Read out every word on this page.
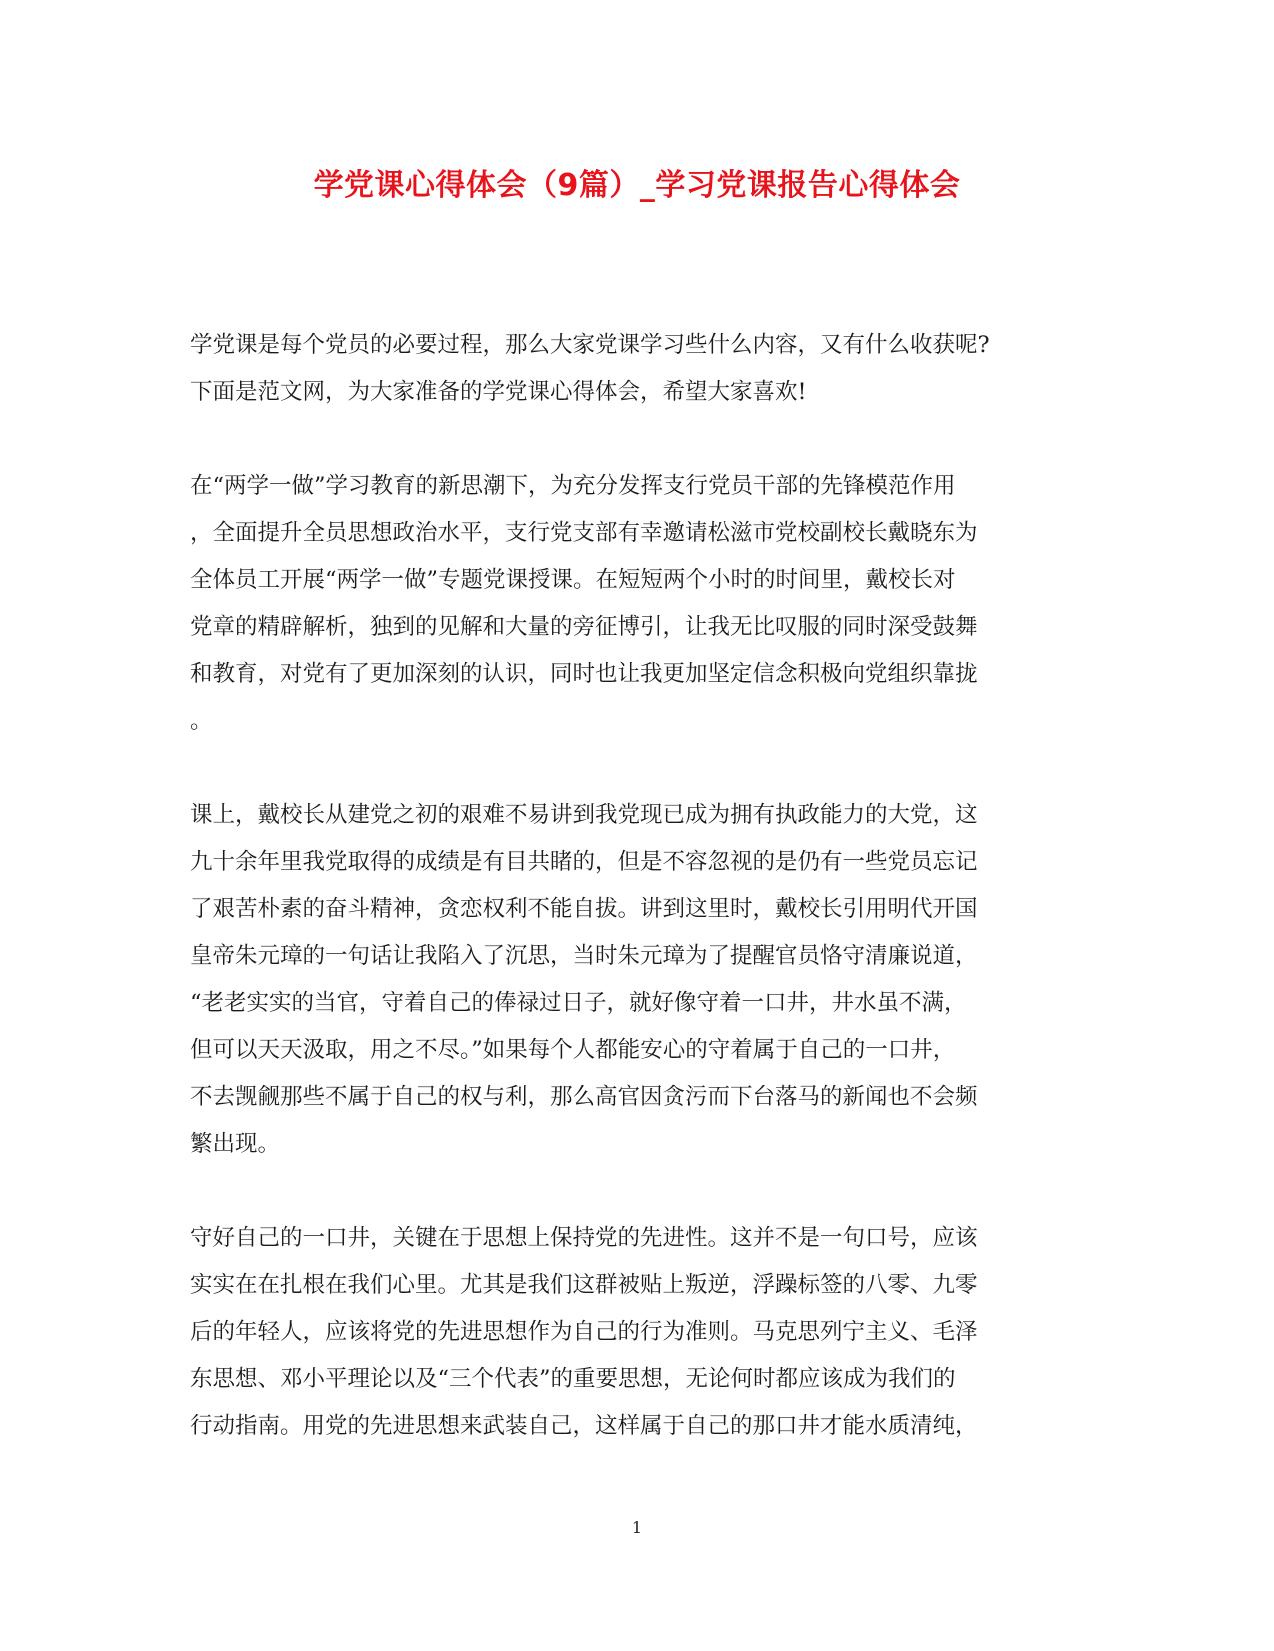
学党课心得体会（9篇）_学习党课报告心得体会

学党课是每个党员的必要过程，那么大家党课学习些什么内容，又有什么收获呢?
下面是范文网，为大家准备的学党课心得体会，希望大家喜欢!

在“两学一做”学习教育的新思潮下，为充分发挥支行党员干部的先锋模范作用
，全面提升全员思想政治水平，支行党支部有幸邀请松滋市党校副校长戴晓东为
全体员工开展“两学一做”专题党课授课。在短短两个小时的时间里，戴校长对
党章的精辟解析，独到的见解和大量的旁征博引，让我无比叹服的同时深受鼓舞
和教育，对党有了更加深刻的认识，同时也让我更加坚定信念积极向党组织靠拢
。

课上，戴校长从建党之初的艰难不易讲到我党现已成为拥有执政能力的大党，这
九十余年里我党取得的成绩是有目共睹的，但是不容忽视的是仍有一些党员忘记
了艰苦朴素的奋斗精神，贪恋权利不能自拔。讲到这里时，戴校长引用明代开国
皇帝朱元璋的一句话让我陷入了沉思，当时朱元璋为了提醒官员恪守清廉说道，
“老老实实的当官，守着自己的俸禄过日子，就好像守着一口井，井水虽不满，
但可以天天汲取，用之不尽。”如果每个人都能安心的守着属于自己的一口井，
不去觊觎那些不属于自己的权与利，那么高官因贪污而下台落马的新闻也不会频
繁出现。

守好自己的一口井，关键在于思想上保持党的先进性。这并不是一句口号，应该
实实在在扎根在我们心里。尤其是我们这群被贴上叛逆，浮躁标签的八零、九零
后的年轻人，应该将党的先进思想作为自己的行为准则。马克思列宁主义、毛泽
东思想、邓小平理论以及“三个代表”的重要思想，无论何时都应该成为我们的
行动指南。用党的先进思想来武装自己，这样属于自己的那口井才能水质清纯，

1
